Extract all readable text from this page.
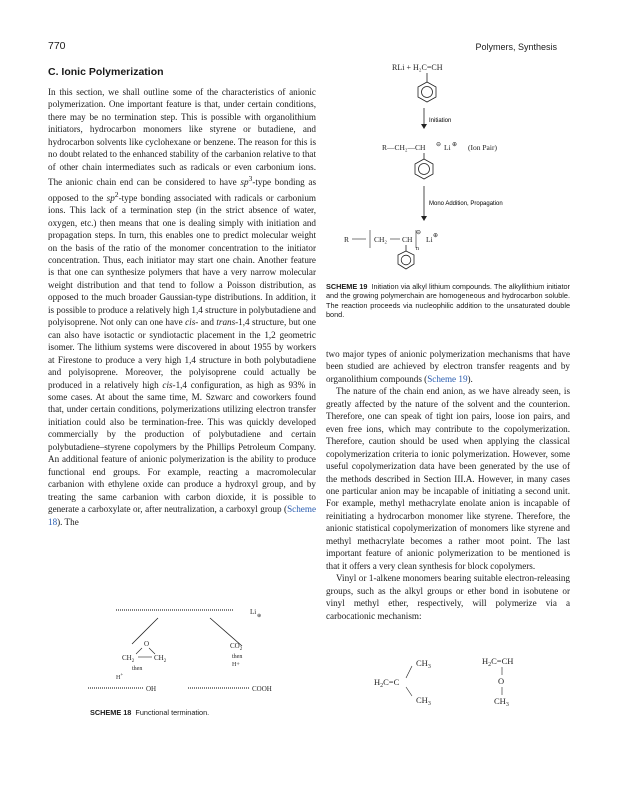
770	Polymers, Synthesis
C. Ionic Polymerization

In this section, we shall outline some of the characteristics of anionic polymerization. One important feature is that, under certain conditions, there may be no termination step. This is possible with organolithium initiators, hydrocarbon monomers like styrene or butadiene, and hydrocarbon solvents like cyclohexane or benzene. The reason for this is no doubt related to the enhanced stability of the carbanion relative to that of other chain intermediates such as radicals or even carbonium ions. The anionic chain end can be considered to have $sp^3$-type bonding as opposed to the $sp^2$-type bonding associated with radicals or carbonium ions. This lack of a termination step (in the strict absence of water, oxygen, etc.) then means that one is dealing simply with initiation and propagation steps. In turn, this enables one to predict molecular weight on the basis of the ratio of the monomer concentration to the initiator concentration. Thus, each initiator may start one chain. Another feature is that one can synthesize polymers that have a very narrow molecular weight distribution and that tend to follow a Poisson distribution, as opposed to the much broader Gaussian-type distributions. In addition, it is possible to produce a relatively high 1,4 structure in polybutadiene and polyisoprene. Not only can one have cis- and trans-1,4 structure, but one can also have isotactic or syndiotactic placement in the 1,2 geometric isomer. The lithium systems were discovered in about 1955 by workers at Firestone to produce a very high 1,4 structure in both polybutadiene and polyisoprene. Moreover, the polyisoprene could actually be produced in a relatively high cis-1,4 configuration, as high as 93% in some cases. At about the same time, M. Szwarc and coworkers found that, under certain conditions, polymerizations utilizing electron transfer initiation could also be termination-free. This was quickly developed commercially by the production of polybutadiene and certain polybutadiene–styrene copolymers by the Phillips Petroleum Company. An additional feature of anionic polymerization is the ability to produce functional end groups. For example, reacting a macromolecular carbanion with ethylene oxide can produce a hydroxyl group, and by treating the same carbanion with carbon dioxide, it is possible to generate a carboxylate or, after neutralization, a carboxyl group (Scheme 18). The

two major types of anionic polymerization mechanisms that have been studied are achieved by electron transfer reagents and by organolithium compounds (Scheme 19).

The nature of the chain end anion, as we have already seen, is greatly affected by the nature of the solvent and the counterion. Therefore, one can speak of tight ion pairs, loose ion pairs, and even free ions, which may contribute to the copolymerization. Therefore, caution should be used when applying the classical copolymerization criteria to ionic polymerization. However, some useful copolymerization data have been generated by the use of the methods described in Section III.A. However, in many cases one particular anion may be incapable of initiating a second unit. For example, methyl methacrylate enolate anion is incapable of reinitiating a hydrocarbon monomer like styrene. Therefore, the anionic statistical copolymerization of monomers like styrene and methyl methacrylate becomes a rather moot point. The last important feature of anionic polymerization to be mentioned is that it offers a very clean synthesis for block copolymers.

Vinyl or 1-alkene monomers bearing suitable electron-releasing groups, such as the alkyl groups or ether bond in isobutene or vinyl methyl ether, respectively, will polymerize via a carbocationic mechanism:

RLi + H₂C=CH
Initiation
R—CH₂—CH ⊖ Li ⊕ (Ion Pair)
Mono Addition, Propagation
R	CH₂ CH
n
⊖
Li ⊕
SCHEME 19 Initiation via alkyl lithium compounds. The alkyllithium initiator and the growing polymerchain are homogeneous and hydrocarbon soluble. The reaction proceeds via nucleophilic addition to the unsaturated double bond.
Li
⊕
O
$CH_2$	$CH_2$
then
H+
$CO_2$
then
H+
OH	COOH
SCHEME 18 Functional termination.
$CH_3$
$H_2C=C$
$CH_3$
$H_2C=CH$
O
$CH_3$
